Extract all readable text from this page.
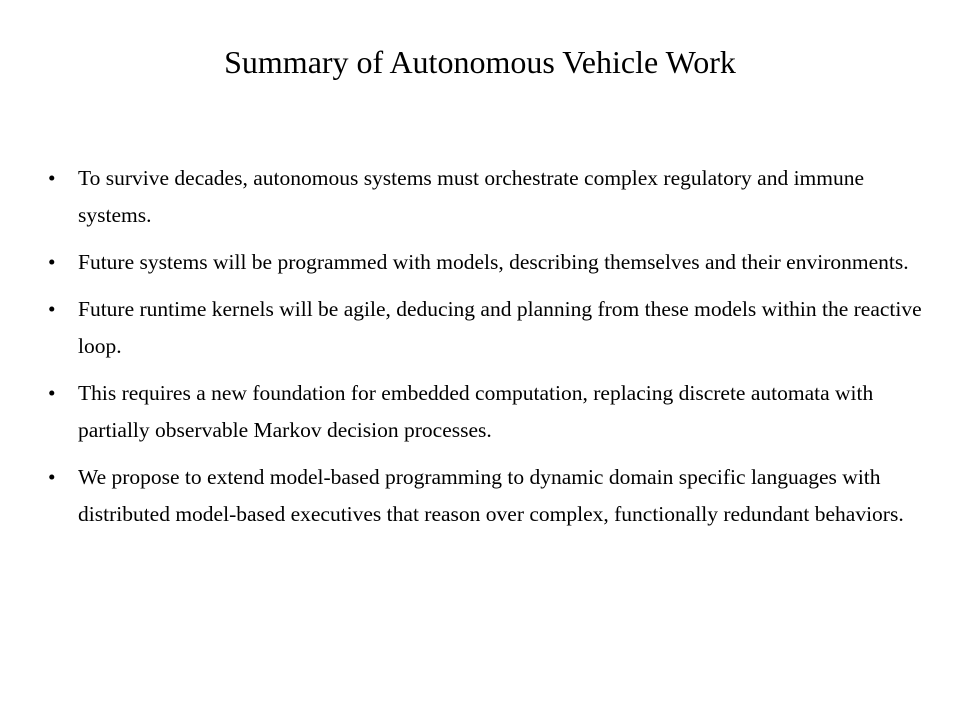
Summary of Autonomous Vehicle Work
•	To survive decades, autonomous systems must orchestrate complex regulatory and immune systems.
•	Future systems will be programmed with models, describing themselves and their environments.
•	Future runtime kernels will be agile, deducing and planning from these models within the reactive loop.
•	This requires a new foundation for embedded computation, replacing discrete automata with partially observable Markov decision processes.
•	We propose to extend model-based programming to dynamic domain specific languages with distributed model-based executives that reason over complex, functionally redundant behaviors.
